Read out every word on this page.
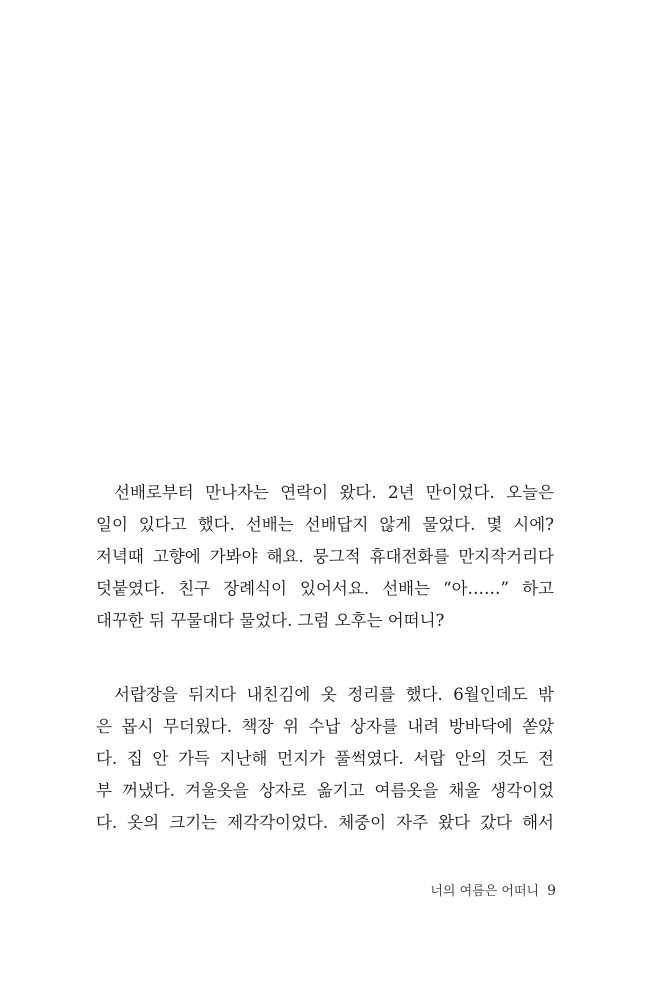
선배로부터 만나자는 연락이 왔다. 2년 만이었다. 오늘은
일이 있다고 했다. 선배는 선배답지 않게 물었다. 몇 시에?
저녁때 고향에 가봐야 해요. 뭉그적 휴대전화를 만지작거리다
덧붙였다. 친구 장례식이 있어서요. 선배는 “아……” 하고
대꾸한 뒤 꾸물대다 물었다. 그럼 오후는 어떠니?
서랍장을 뒤지다 내친김에 옷 정리를 했다. 6월인데도 밖
은 몹시 무더웠다. 책장 위 수납 상자를 내려 방바닥에 쏟았
다. 집 안 가득 지난해 먼지가 풀썩였다. 서랍 안의 것도 전
부 꺼냈다. 겨울옷을 상자로 옮기고 여름옷을 채울 생각이었
다. 옷의 크기는 제각각이었다. 체중이 자주 왔다 갔다 해서
너의 여름은 어떠니 9
